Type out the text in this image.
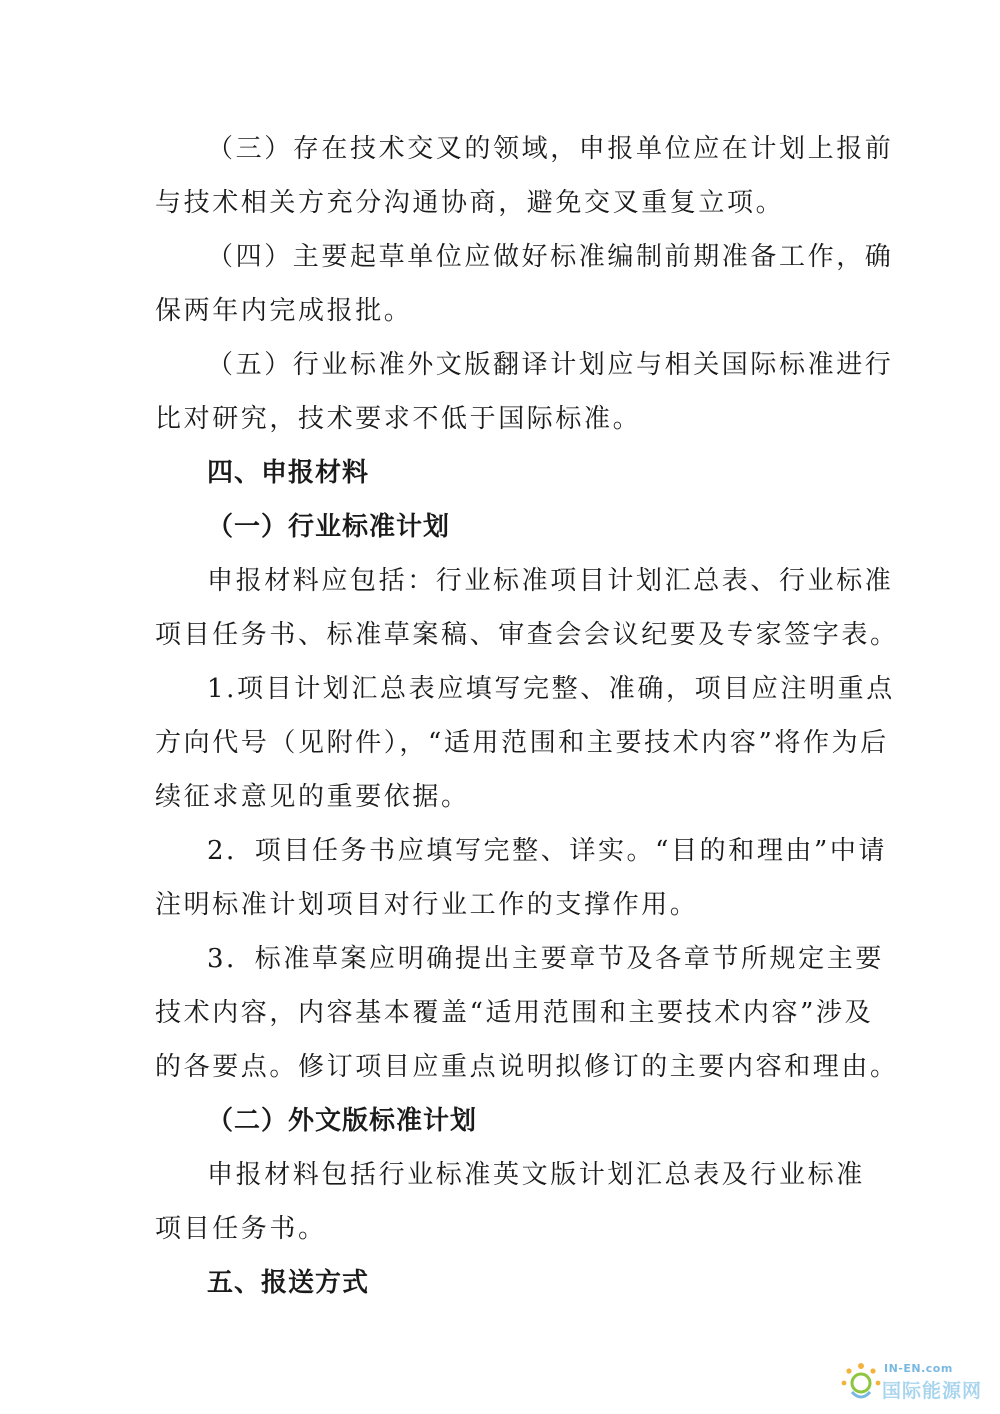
（三）存在技术交叉的领域，申报单位应在计划上报前
与技术相关方充分沟通协商，避免交叉重复立项。
（四）主要起草单位应做好标准编制前期准备工作，确
保两年内完成报批。
（五）行业标准外文版翻译计划应与相关国际标准进行
比对研究，技术要求不低于国际标准。
四、申报材料
（一）行业标准计划
申报材料应包括：行业标准项目计划汇总表、行业标准
项目任务书、标准草案稿、审查会会议纪要及专家签字表。
1.项目计划汇总表应填写完整、准确，项目应注明重点
方向代号（见附件），“适用范围和主要技术内容”将作为后
续征求意见的重要依据。
2．项目任务书应填写完整、详实。“目的和理由”中请
注明标准计划项目对行业工作的支撑作用。
3．标准草案应明确提出主要章节及各章节所规定主要
技术内容，内容基本覆盖“适用范围和主要技术内容”涉及
的各要点。修订项目应重点说明拟修订的主要内容和理由。
（二）外文版标准计划
申报材料包括行业标准英文版计划汇总表及行业标准
项目任务书。
五、报送方式
IN-EN.com
国际能源网
